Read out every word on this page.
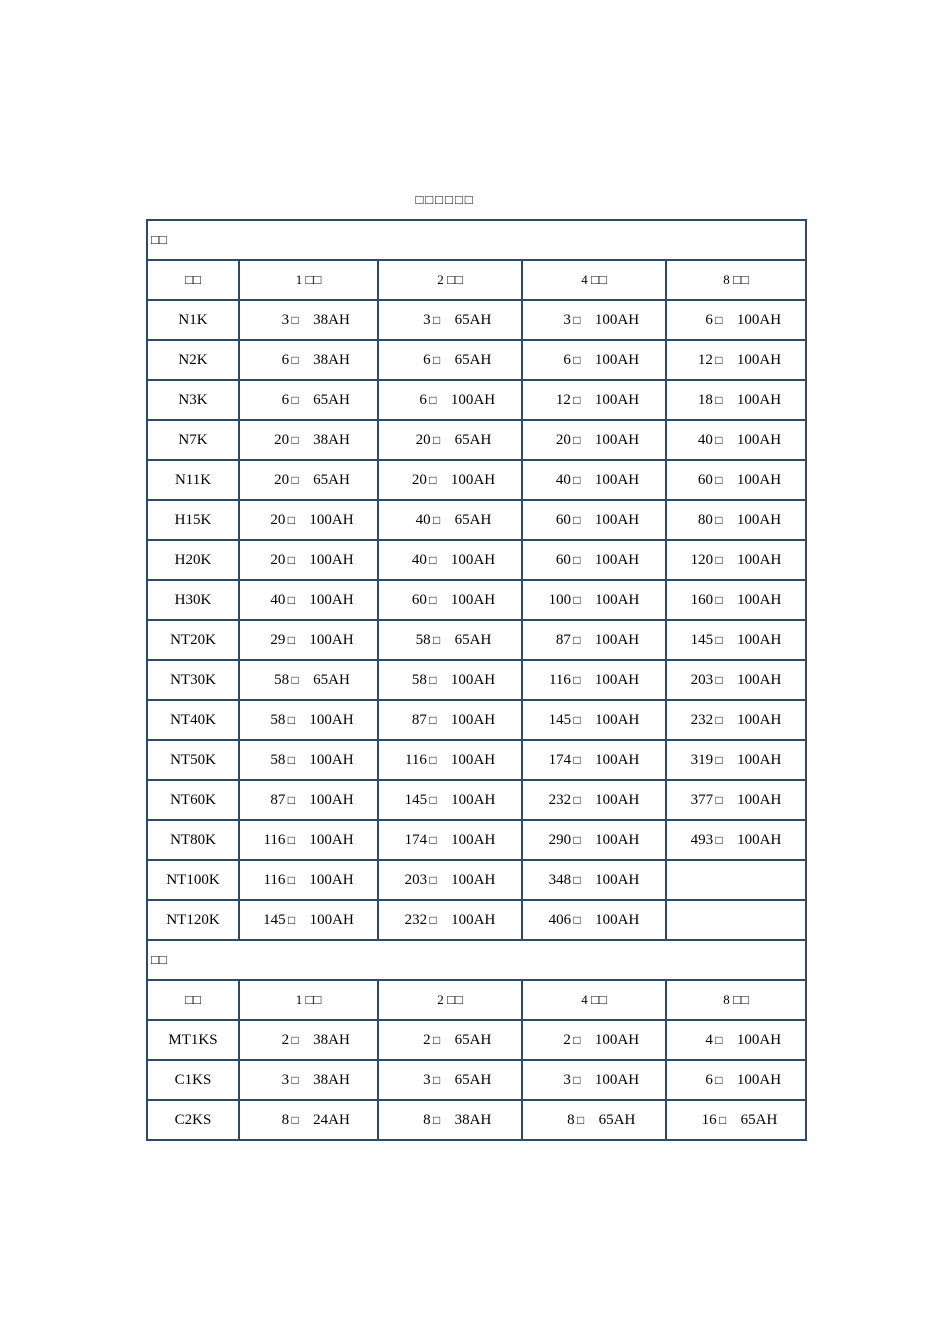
□□□□□□
□□				
□□	1 □□	2 □□	4 □□	8 □□
N1K	3 □ 38AH	3 □ 65AH	3 □ 100AH	6 □ 100AH
N2K	6 □ 38AH	6 □ 65AH	6 □ 100AH	12 □ 100AH
N3K	6 □ 65AH	6 □ 100AH	12 □ 100AH	18 □ 100AH
N7K	20 □ 38AH	20 □ 65AH	20 □ 100AH	40 □ 100AH
N11K	20 □ 65AH	20 □ 100AH	40 □ 100AH	60 □ 100AH
H15K	20 □ 100AH	40 □ 65AH	60 □ 100AH	80 □ 100AH
H20K	20 □ 100AH	40 □ 100AH	60 □ 100AH	120 □ 100AH
H30K	40 □ 100AH	60 □ 100AH	100 □ 100AH	160 □ 100AH
NT20K	29 □ 100AH	58 □ 65AH	87 □ 100AH	145 □ 100AH
NT30K	58 □ 65AH	58 □ 100AH	116 □ 100AH	203 □ 100AH
NT40K	58 □ 100AH	87 □ 100AH	145 □ 100AH	232 □ 100AH
NT50K	58 □ 100AH	116 □ 100AH	174 □ 100AH	319 □ 100AH
NT60K	87 □ 100AH	145 □ 100AH	232 □ 100AH	377 □ 100AH
NT80K	116 □ 100AH	174 □ 100AH	290 □ 100AH	493 □ 100AH
NT100K	116 □ 100AH	203 □ 100AH	348 □ 100AH	
NT120K	145 □ 100AH	232 □ 100AH	406 □ 100AH	
□□				
□□	1 □□	2 □□	4 □□	8 □□
MT1KS	2 □ 38AH	2 □ 65AH	2 □ 100AH	4 □ 100AH
C1KS	3 □ 38AH	3 □ 65AH	3 □ 100AH	6 □ 100AH
C2KS	8 □ 24AH	8 □ 38AH	8 □ 65AH	16 □ 65AH
